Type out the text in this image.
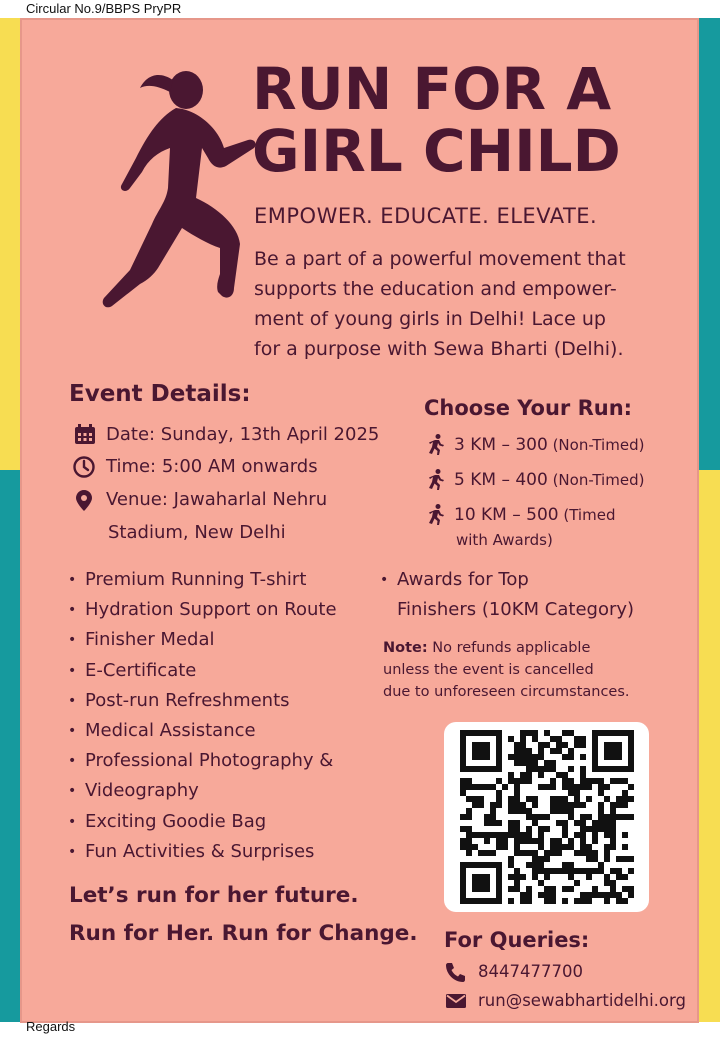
Circular No.9/BBPS PryPR
RUN FOR A
GIRL CHILD
EMPOWER. EDUCATE. ELEVATE.
Be a part of a powerful movement that
supports the education and empower-
ment of young girls in Delhi! Lace up
for a purpose with Sewa Bharti (Delhi).
Event Details:
Date: Sunday, 13th April 2025
Time: 5:00 AM onwards
Venue: Jawaharlal Nehru
Stadium, New Delhi
Choose Your Run:
3 KM – 300 (Non-Timed)
5 KM – 400 (Non-Timed)
10 KM – 500 (Timed
with Awards)
• Premium Running T-shirt
• Hydration Support on Route
• Finisher Medal
• E-Certificate
• Post-run Refreshments
• Medical Assistance
• Professional Photography &
• Videography
• Exciting Goodie Bag
• Fun Activities & Surprises
• Awards for Top
Finishers (10KM Category)
Note: No refunds applicable
unless the event is cancelled
due to unforeseen circumstances.
Let’s run for her future.
Run for Her. Run for Change. For Queries:
8447477700
run@sewabhartidelhi.org
Regards
